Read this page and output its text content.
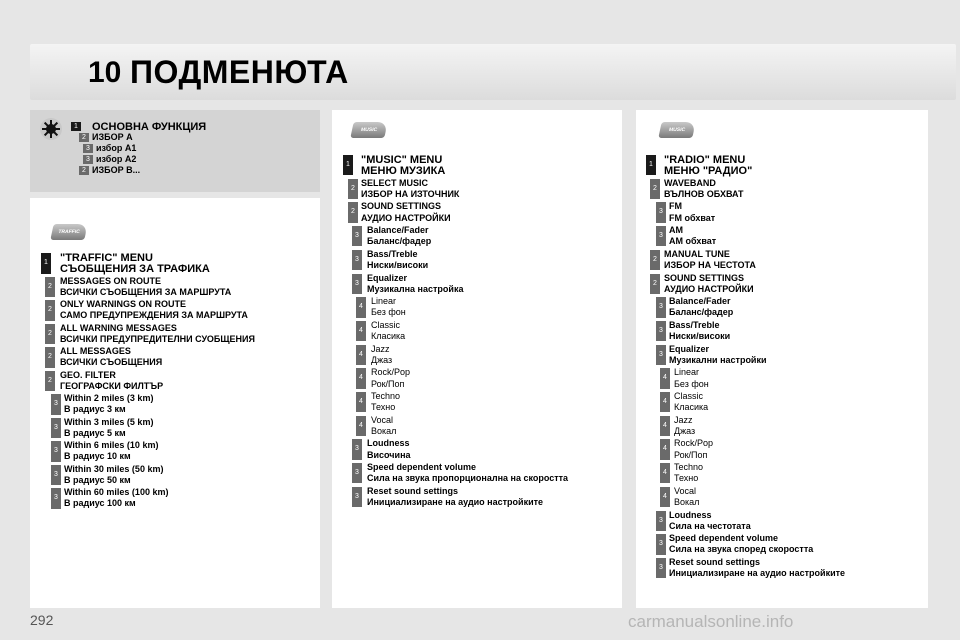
10 ПОДМЕНЮТА
TRAFFIC
MUSIC	MUSIC
1 ОСНОВНА ФУНКЦИЯ
2 ИЗБОР A
3 избор A1
3 избор A2
2 ИЗБОР B...
1 "TRAFFIC" MENU
СЪОБЩЕНИЯ ЗА ТРАФИКА
2
MESSAGES ON ROUTE
ВСИЧКИ СЪОБЩЕНИЯ ЗА МАРШРУТА
2
ONLY WARNINGS ON ROUTE
САМО ПРЕДУПРЕЖДЕНИЯ ЗА МАРШРУТА
2
ALL WARNING MESSAGES
ВСИЧКИ ПРЕДУПРЕДИТЕЛНИ СУОБЩЕНИЯ
2
ALL MESSAGES
ВСИЧКИ СЪОБЩЕНИЯ
2
GEO. FILTER
ГЕОГРАФСКИ ФИЛТЪР
3
Within 2 miles (3 km)
В радиус 3 км
3
Within 3 miles (5 km)
В радиус 5 км
3
Within 6 miles (10 km)
В радиус 10 км
3
Within 30 miles (50 km)
В радиус 50 км
3
Within 60 miles (100 km)
В радиус 100 км
1 "MUSIC" MENU
МЕНЮ МУЗИКА
2
SELECT MUSIC
ИЗБОР НА ИЗТОЧНИК
2
SOUND SETTINGS
АУДИО НАСТРОЙКИ
3
Balance/Fader
Баланс/фадер
3
Bass/Treble
Ниски/високи
3
Equalizer
Музикална настройка
4
Linear
Без фон
4
Classic
Класика
4
Jazz
Джаз
4
Rock/Pop
Рок/Поп
4
Techno
Техно
4
Vocal
Вокал
3
Loudness
Височина
3
Speed dependent volume
Сила на звука пропорционална на скоростта
3
Reset sound settings
Инициализиране на аудио настройките
1 "RADIO" MENU
МЕНЮ "РАДИО"
2
WAVEBAND
ВЪЛНОВ ОБХВАТ
3
FM
FM обхват
3
AM
AM обхват
2
MANUAL TUNE
ИЗБОР НА ЧЕСТОТА
2
SOUND SETTINGS
АУДИО НАСТРОЙКИ
3
Balance/Fader
Баланс/фадер
3
Bass/Treble
Ниски/високи
3
Equalizer
Музикални настройки
4
Linear
Без фон
4
Classic
Класика
4
Jazz
Джаз
4
Rock/Pop
Рок/Поп
4
Techno
Техно
4
Vocal
Вокал
3
Loudness
Сила на честотата
3
Speed dependent volume
Сила на звука според скоростта
3
Reset sound settings
Инициализиране на аудио настройките
292	carmanualsonline.info
